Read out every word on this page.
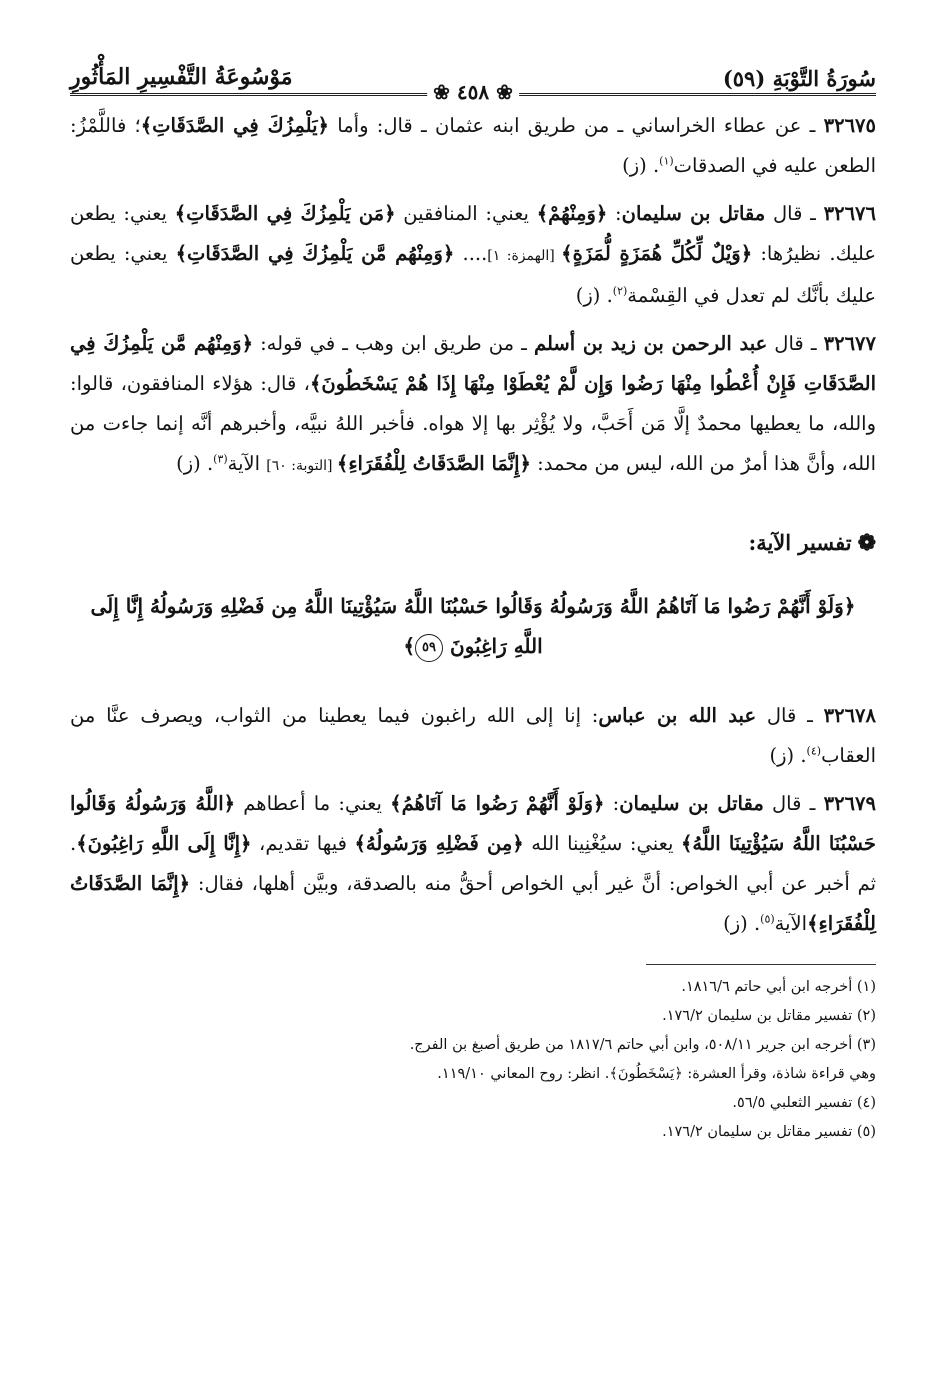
سُورَةُ التَّوْبَةِ (٥٩)
❀ ٤٥٨ ❀
مَوْسُوعَةُ التَّفْسِيرِ المَأْثُورِ
٣٢٦٧٥ ـ عن عطاء الخراساني ـ من طريق ابنه عثمان ـ قال: وأما ﴿يَلْمِزُكَ فِي الصَّدَقَاتِ﴾؛ فاللَّمْزُ: الطعن عليه في الصدقات$^{(١)}$. (ز)
٣٢٦٧٦ ـ قال مقاتل بن سليمان: ﴿وَمِنْهُمْ﴾ يعني: المنافقين ﴿مَن يَلْمِزُكَ فِي الصَّدَقَاتِ﴾ يعني: يطعن عليك. نظيرُها: ﴿وَيْلٌ لِّكُلِّ هُمَزَةٍ لُّمَزَةٍ﴾ [الهمزة: ١].... ﴿وَمِنْهُم مَّن يَلْمِزُكَ فِي الصَّدَقَاتِ﴾ يعني: يطعن عليك بأنَّك لم تعدل في القِسْمة$^{(٢)}$. (ز)
٣٢٦٧٧ ـ قال عبد الرحمن بن زيد بن أسلم ـ من طريق ابن وهب ـ في قوله: ﴿وَمِنْهُم مَّن يَلْمِزُكَ فِي الصَّدَقَاتِ فَإِنْ أُعْطُوا مِنْهَا رَضُوا وَإِن لَّمْ يُعْطَوْا مِنْهَا إِذَا هُمْ يَسْخَطُونَ﴾، قال: هؤلاء المنافقون، قالوا: والله، ما يعطيها محمدٌ إلَّا مَن أَحَبَّ، ولا يُؤْثِر بها إلا هواه. فأخبر اللهُ نبيَّه، وأخبرهم أنَّه إنما جاءت من الله، وأنَّ هذا أمرٌ من الله، ليس من محمد: ﴿إِنَّمَا الصَّدَقَاتُ لِلْفُقَرَاءِ﴾ [التوبة: ٦٠] الآية$^{(٣)}$. (ز)
❁تفسير الآية:
﴿وَلَوْ أَنَّهُمْ رَضُوا مَا آتَاهُمُ اللَّهُ وَرَسُولُهُ وَقَالُوا حَسْبُنَا اللَّهُ سَيُؤْتِينَا اللَّهُ مِن فَضْلِهِ وَرَسُولُهُ إِنَّا إِلَى اللَّهِ رَاغِبُونَ ٥٩﴾
٣٢٦٧٨ ـ قال عبد الله بن عباس: إنا إلى الله راغبون فيما يعطينا من الثواب، ويصرف عنَّا من العقاب$^{(٤)}$. (ز)
٣٢٦٧٩ ـ قال مقاتل بن سليمان: ﴿وَلَوْ أَنَّهُمْ رَضُوا مَا آتَاهُمُ﴾ يعني: ما أعطاهم ﴿اللَّهُ وَرَسُولُهُ وَقَالُوا حَسْبُنَا اللَّهُ سَيُؤْتِينَا اللَّهُ﴾ يعني: سيُغْنِينا الله ﴿مِن فَضْلِهِ وَرَسُولُهُ﴾ فيها تقديم، ﴿إِنَّا إِلَى اللَّهِ رَاغِبُونَ﴾. ثم أخبر عن أبي الخواص: أنَّ غير أبي الخواص أحقُّ منه بالصدقة، وبيَّن أهلها، فقال: ﴿إِنَّمَا الصَّدَقَاتُ لِلْفُقَرَاءِ﴾الآية$^{(٥)}$. (ز)
(١) أخرجه ابن أبي حاتم ١٨١٦/٦.
(٢) تفسير مقاتل بن سليمان ١٧٦/٢.
(٣) أخرجه ابن جرير ٥٠٨/١١، وابن أبي حاتم ١٨١٧/٦ من طريق أصبغ بن الفرج.
وهي قراءة شاذة، وقرأ العشرة: ﴿يَسْخَطُونَ﴾. انظر: روح المعاني ١١٩/١٠.
(٤) تفسير الثعلبي ٥٦/٥.
(٥) تفسير مقاتل بن سليمان ١٧٦/٢.
